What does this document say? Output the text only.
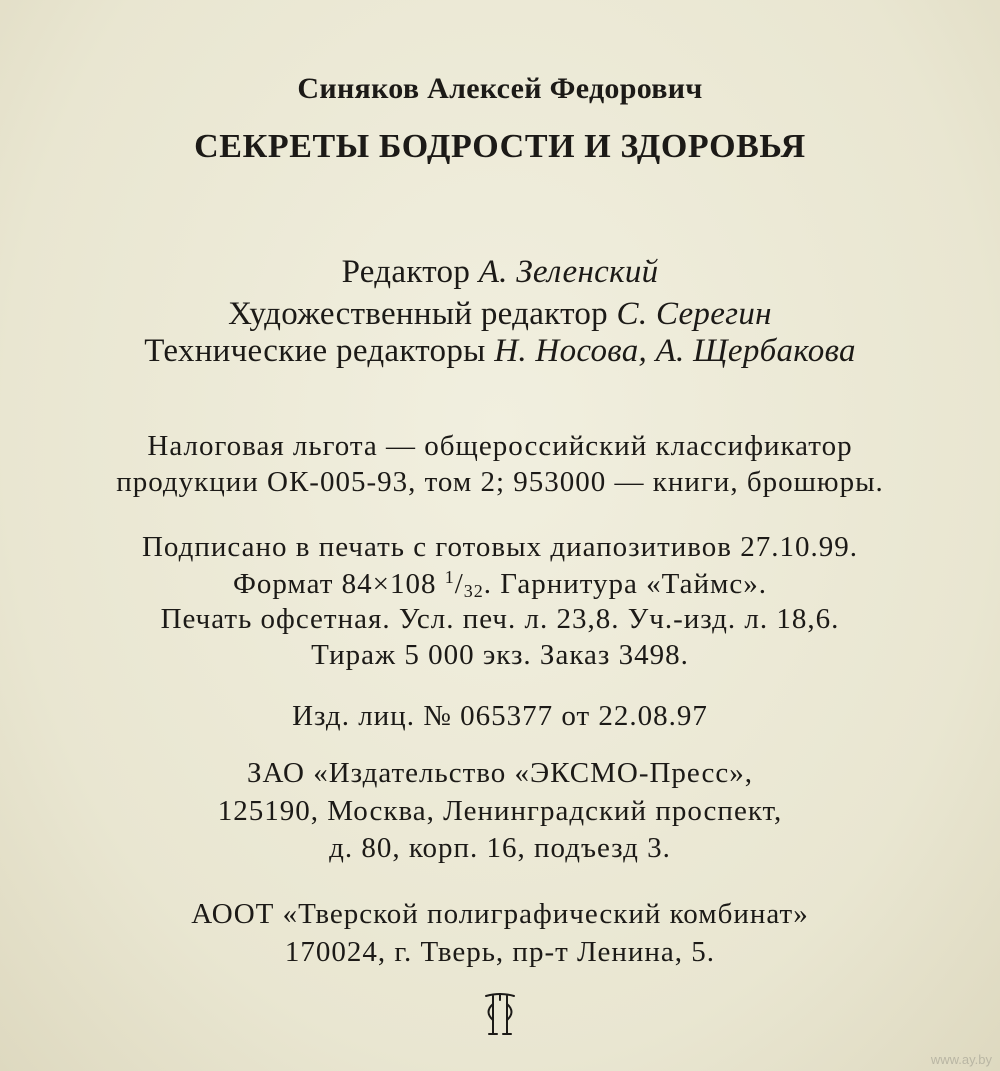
Синяков Алексей Федорович
СЕКРЕТЫ БОДРОСТИ И ЗДОРОВЬЯ
Редактор А. Зеленский
Художественный редактор С. Серегин
Технические редакторы Н. Носова, А. Щербакова
Налоговая льгота — общероссийский классификатор
продукции ОК-005-93, том 2; 953000 — книги, брошюры.
Подписано в печать с готовых диапозитивов 27.10.99.
Формат 84×108 $^1/_{32}$. Гарнитура «Таймс».
Печать офсетная. Усл. печ. л. 23,8. Уч.-изд. л. 18,6.
Тираж 5 000 экз. Заказ 3498.
Изд. лиц. № 065377 от 22.08.97
ЗАО «Издательство «ЭКСМО-Пресс»,
125190, Москва, Ленинградский проспект,
д. 80, корп. 16, подъезд 3.
АООТ «Тверской полиграфический комбинат»
170024, г. Тверь, пр-т Ленина, 5.
www.ay.by
